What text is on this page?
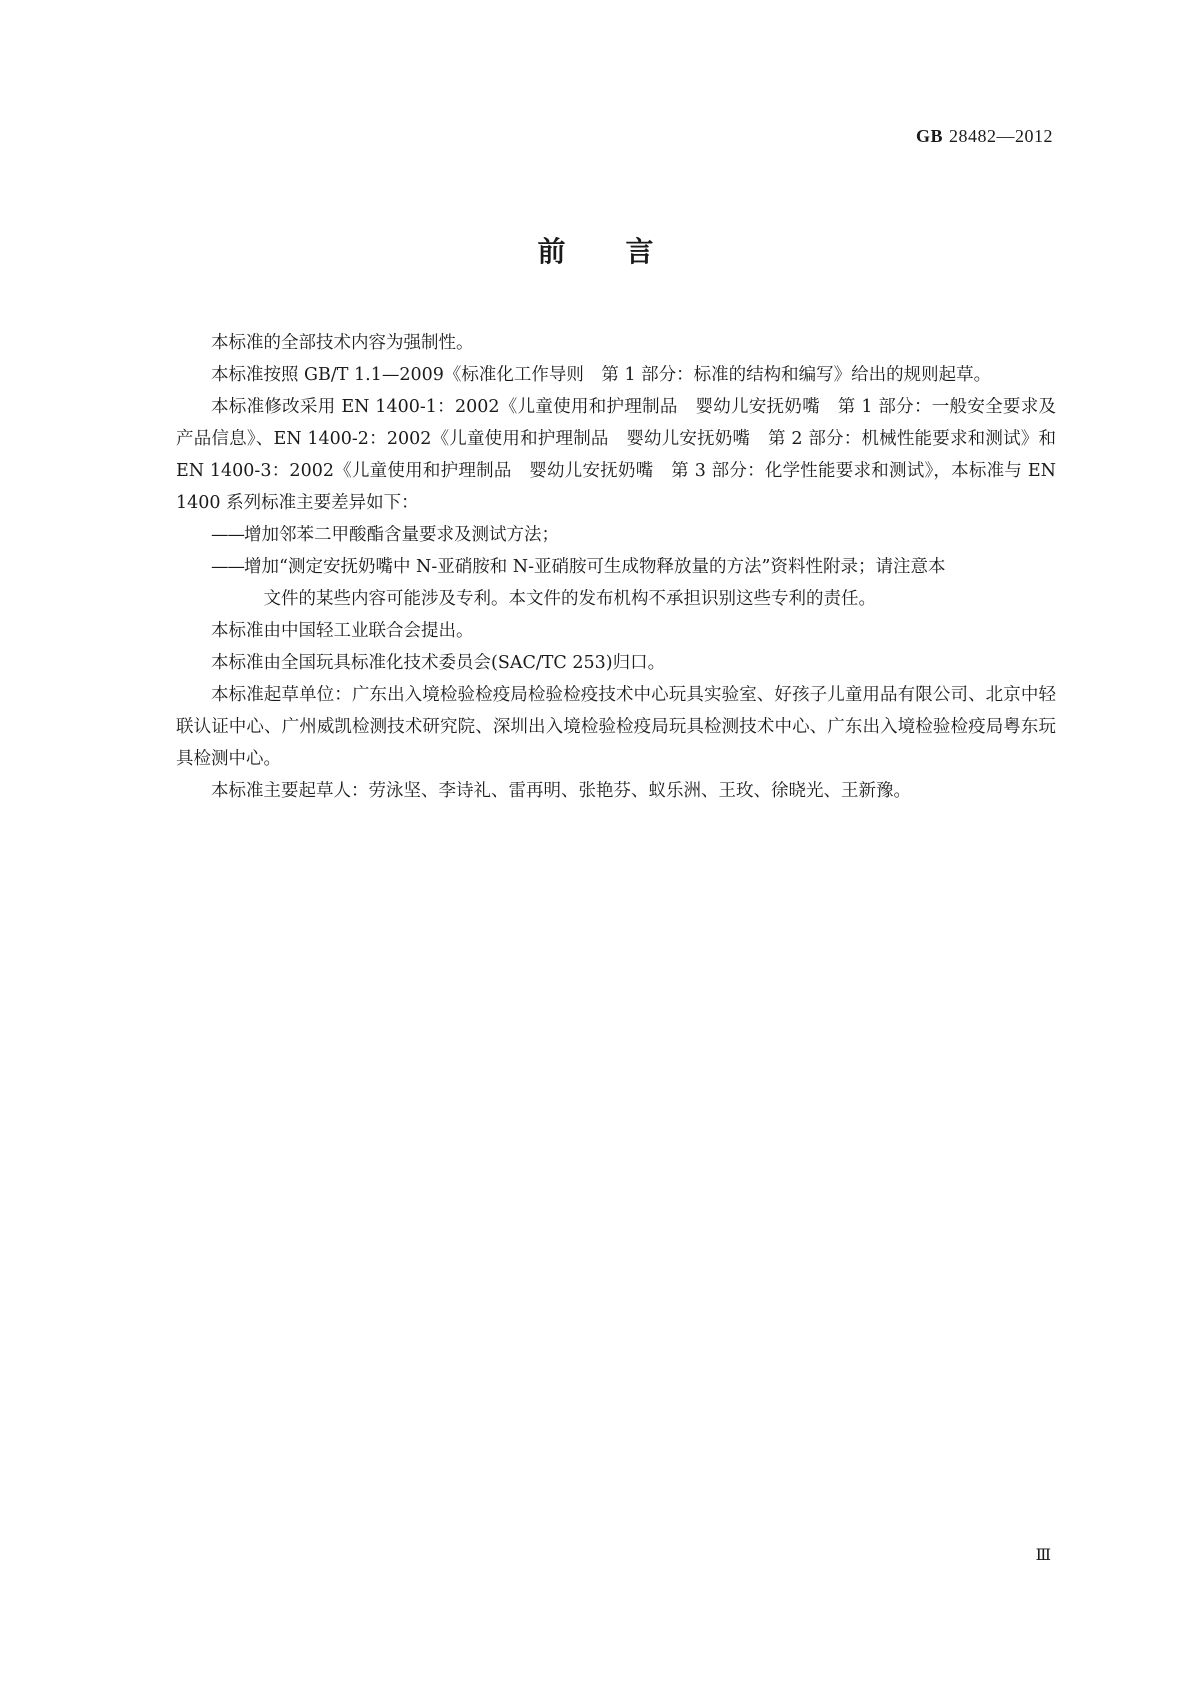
GB 28482—2012
前言

本标准的全部技术内容为强制性。

本标准按照 GB/T 1.1—2009《标准化工作导则　第 1 部分：标准的结构和编写》给出的规则起草。

本标准修改采用 EN 1400-1：2002《儿童使用和护理制品　婴幼儿安抚奶嘴　第 1 部分：一般安全要求及产品信息》、EN 1400-2：2002《儿童使用和护理制品　婴幼儿安抚奶嘴　第 2 部分：机械性能要求和测试》和 EN 1400-3：2002《儿童使用和护理制品　婴幼儿安抚奶嘴　第 3 部分：化学性能要求和测试》，本标准与 EN 1400 系列标准主要差异如下：

——增加邻苯二甲酸酯含量要求及测试方法；
——增加“测定安抚奶嘴中 N-亚硝胺和 N-亚硝胺可生成物释放量的方法”资料性附录；请注意本
文件的某些内容可能涉及专利。本文件的发布机构不承担识别这些专利的责任。

本标准由中国轻工业联合会提出。

本标准由全国玩具标准化技术委员会(SAC/TC 253)归口。

本标准起草单位：广东出入境检验检疫局检验检疫技术中心玩具实验室、好孩子儿童用品有限公司、北京中轻联认证中心、广州威凯检测技术研究院、深圳出入境检验检疫局玩具检测技术中心、广东出入境检验检疫局粤东玩具检测中心。

本标准主要起草人：劳泳坚、李诗礼、雷再明、张艳芬、蚁乐洲、王玫、徐晓光、王新豫。

Ⅲ
